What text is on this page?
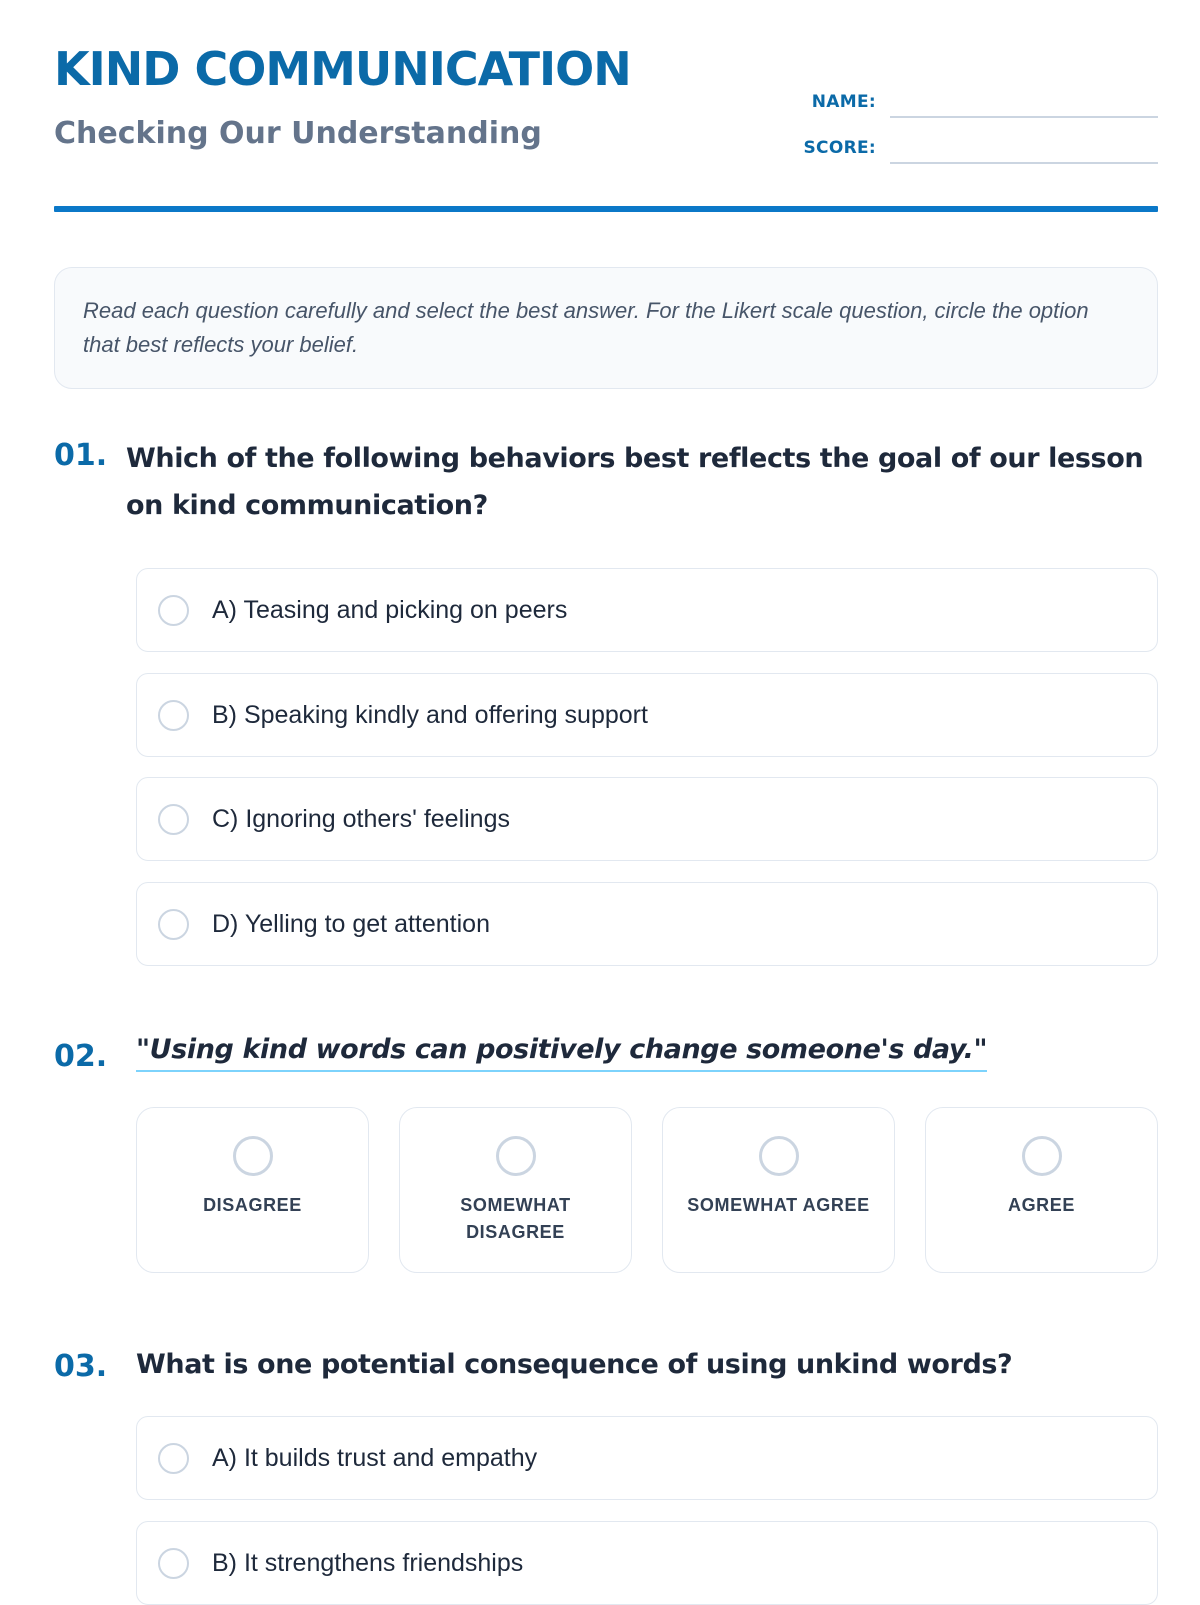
KIND COMMUNICATION
Checking Our Understanding
NAME:
SCORE:

Read each question carefully and select the best answer. For the Likert scale question, circle the option that best reflects your belief.

01. Which of the following behaviors best reflects the goal of our lesson on kind communication?
A) Teasing and picking on peers
B) Speaking kindly and offering support
C) Ignoring others' feelings
D) Yelling to get attention
02. "Using kind words can positively change someone's day."
DISAGREE	SOMEWHAT DISAGREE
SOMEWHAT AGREE	AGREE
03. What is one potential consequence of using unkind words?
A) It builds trust and empathy
B) It strengthens friendships
